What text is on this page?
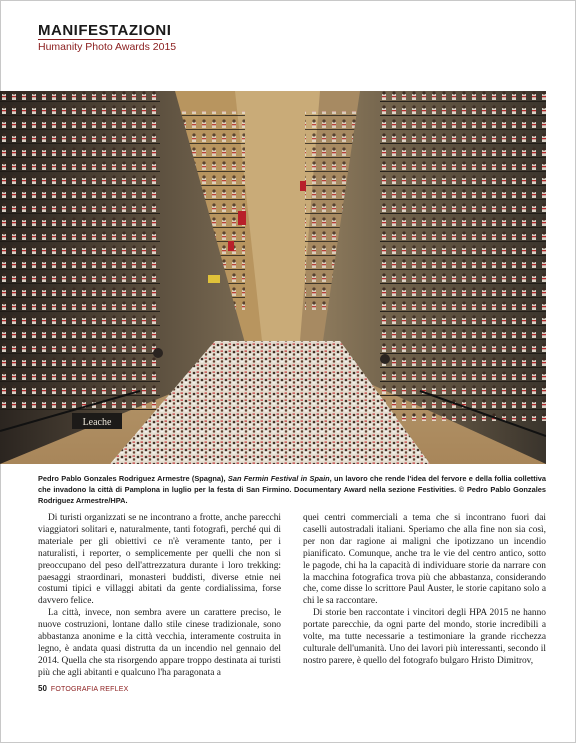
MANIFESTAZIONI
Humanity Photo Awards 2015
Leache
Pedro Pablo Gonzales Rodriguez Armestre (Spagna), San Fermin Festival in Spain, un lavoro che rende l'idea del fervore e della follia collettiva che invadono la città di Pamplona in luglio per la festa di San Firmino. Documentary Award nella sezione Festivities. © Pedro Pablo Gonzales Rodriguez Armestre/HPA.

Di turisti organizzati se ne incontrano a frotte, anche parecchi viaggiatori solitari e, naturalmente, tanti fotografi, perché qui di materiale per gli obiettivi ce n'è veramente tanto, per i naturalisti, i reporter, o semplicemente per quelli che non si preoccupano del peso dell'attrezzatura durante i loro trekking: paesaggi straordinari, monasteri buddisti, diverse etnie nei costumi tipici e villaggi abitati da gente cordialissima, forse davvero felice.

La città, invece, non sembra avere un carattere preciso, le nuove costruzioni, lontane dallo stile cinese tradizionale, sono abbastanza anonime e la città vecchia, interamente costruita in legno, è andata quasi distrutta da un incendio nel gennaio del 2014. Quella che sta risorgendo appare troppo destinata ai turisti più che agli abitanti e qualcuno l'ha paragonata a

quei centri commerciali a tema che si incontrano fuori dai caselli autostradali italiani. Speriamo che alla fine non sia così, per non dar ragione ai maligni che ipotizzano un incendio pianificato. Comunque, anche tra le vie del centro antico, sotto le pagode, chi ha la capacità di individuare storie da narrare con la macchina fotografica trova più che abbastanza, considerando che, come disse lo scrittore Paul Auster, le storie capitano solo a chi le sa raccontare.

Di storie ben raccontate i vincitori degli HPA 2015 ne hanno portate parecchie, da ogni parte del mondo, storie incredibili a volte, ma tutte necessarie a testimoniare la grande ricchezza culturale dell'umanità. Uno dei lavori più interessanti, secondo il nostro parere, è quello del fotografo bulgaro Hristo Dimitrov,

50 FOTOGRAFIA REFLEX
